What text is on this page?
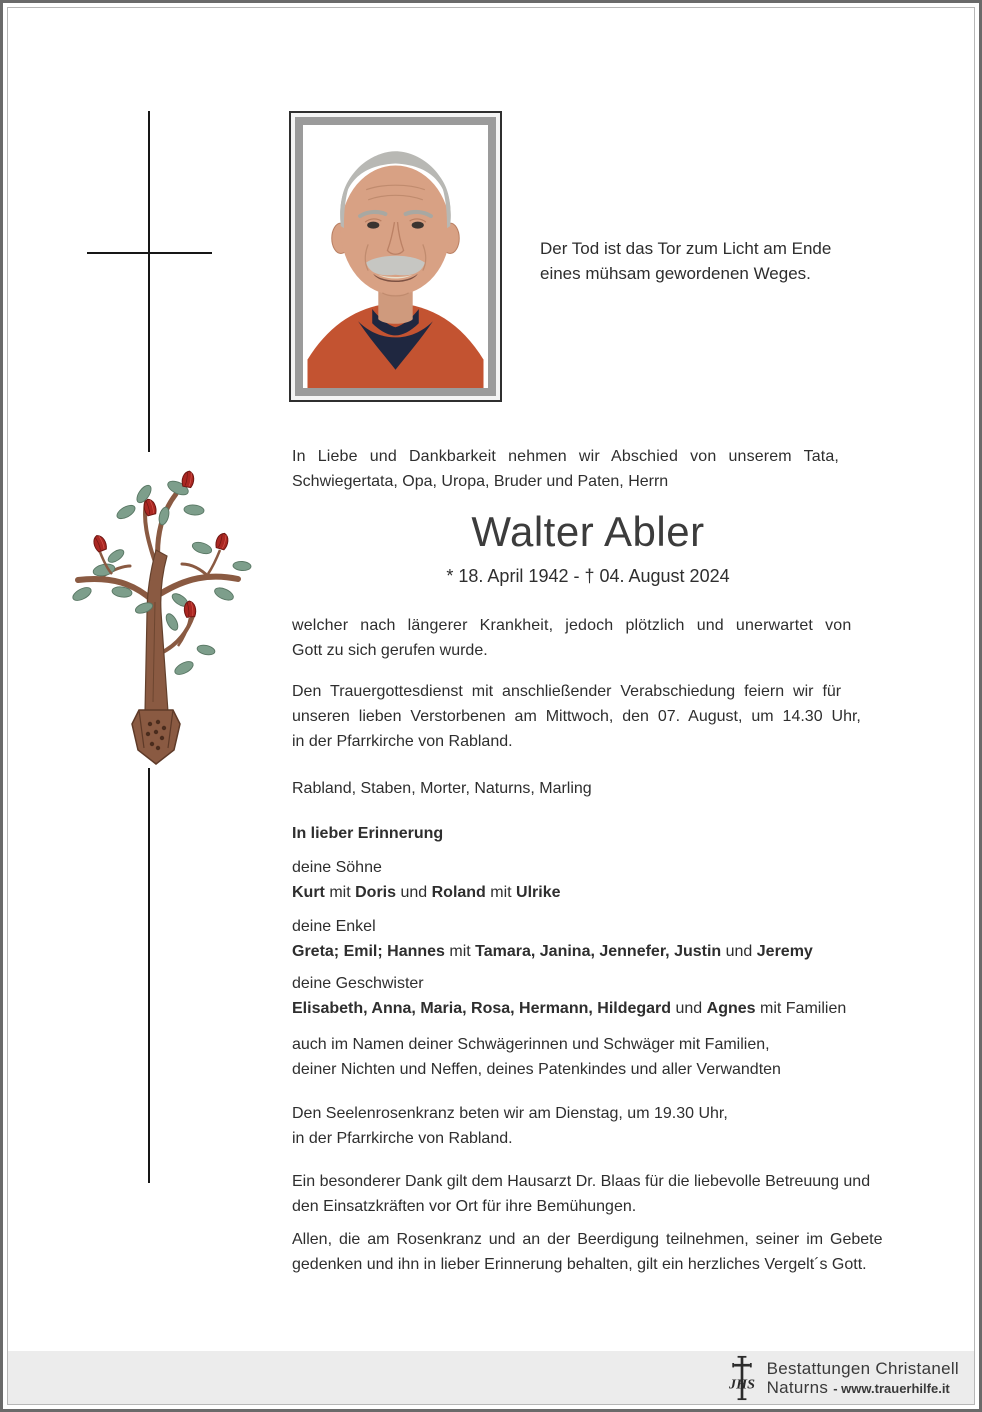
Der Tod ist das Tor zum Licht am Ende
eines mühsam gewordenen Weges.
In Liebe und Dankbarkeit nehmen wir Abschied von unserem Tata,
Schwiegertata, Opa, Uropa, Bruder und Paten, Herrn
Walter Abler
* 18. April 1942 - † 04. August 2024
welcher nach längerer Krankheit, jedoch plötzlich und unerwartet von
Gott zu sich gerufen wurde.
Den Trauergottesdienst mit anschließender Verabschiedung feiern wir für
unseren lieben Verstorbenen am Mittwoch, den 07. August, um 14.30 Uhr,
in der Pfarrkirche von Rabland.
Rabland, Staben, Morter, Naturns, Marling
In lieber Erinnerung
deine Söhne
Kurt mit Doris und Roland mit Ulrike
deine Enkel
Greta; Emil; Hannes mit Tamara, Janina, Jennefer, Justin und Jeremy
deine Geschwister
Elisabeth, Anna, Maria, Rosa, Hermann, Hildegard und Agnes mit Familien
auch im Namen deiner Schwägerinnen und Schwäger mit Familien,
deiner Nichten und Neffen, deines Patenkindes und aller Verwandten
Den Seelenrosenkranz beten wir am Dienstag, um 19.30 Uhr,
in der Pfarrkirche von Rabland.
Ein besonderer Dank gilt dem Hausarzt Dr. Blaas für die liebevolle Betreuung und
den Einsatzkräften vor Ort für ihre Bemühungen.
Allen, die am Rosenkranz und an der Beerdigung teilnehmen, seiner im Gebete
gedenken und ihn in lieber Erinnerung behalten, gilt ein herzliches Vergelt´s Gott.
JHS
Bestattungen Christanell
Naturns - www.trauerhilfe.it
